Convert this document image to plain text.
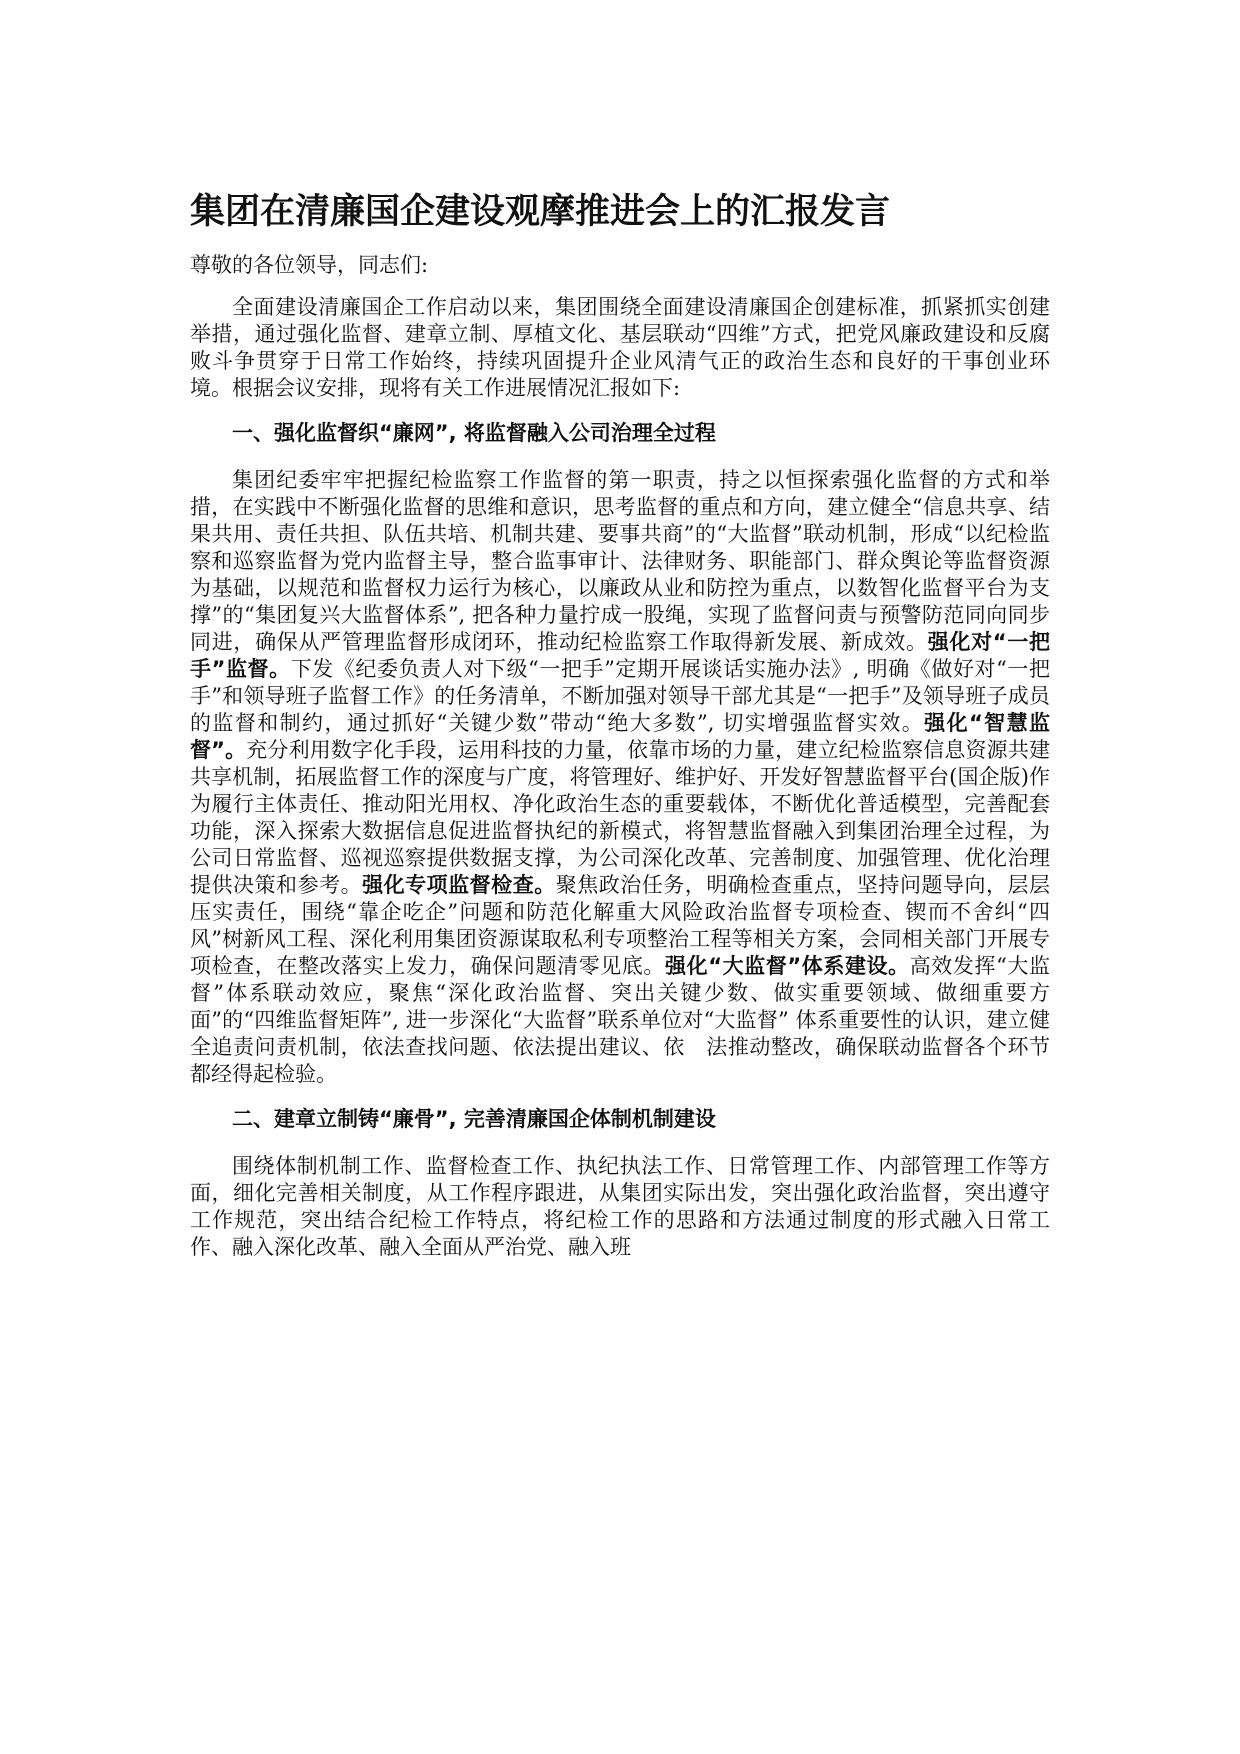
集团在清廉国企建设观摩推进会上的汇报发言
尊敬的各位领导，同志们:

全面建设清廉国企工作启动以来，集团围绕全面建设清廉国企创建标准，抓紧抓实创建举措，通过强化监督、建章立制、厚植文化、基层联动“四维”方式，把党风廉政建设和反腐败斗争贯穿于日常工作始终，持续巩固提升企业风清气正的政治生态和良好的干事创业环境。根据会议安排，现将有关工作进展情况汇报如下:

一、强化监督织“廉网”, 将监督融入公司治理全过程

集团纪委牢牢把握纪检监察工作监督的第一职责，持之以恒探索强化监督的方式和举措，在实践中不断强化监督的思维和意识，思考监督的重点和方向，建立健全“信息共享、结果共用、责任共担、队伍共培、机制共建、要事共商”的“大监督”联动机制，形成“以纪检监察和巡察监督为党内监督主导，整合监事审计、法律财务、职能部门、群众舆论等监督资源为基础，以规范和监督权力运行为核心，以廉政从业和防控为重点，以数智化监督平台为支撑”的“集团复兴大监督体系”, 把各种力量拧成一股绳，实现了监督问责与预警防范同向同步同进，确保从严管理监督形成闭环，推动纪检监察工作取得新发展、新成效。强化对“一把手”监督。下发《纪委负责人对下级“一把手”定期开展谈话实施办法》, 明确《做好对“一把手”和领导班子监督工作》的任务清单，不断加强对领导干部尤其是“一把手”及领导班子成员的监督和制约，通过抓好“关键少数”带动“绝大多数”, 切实增强监督实效。强化“智慧监督”。充分利用数字化手段，运用科技的力量，依靠市场的力量，建立纪检监察信息资源共建共享机制，拓展监督工作的深度与广度，将管理好、维护好、开发好智慧监督平台(国企版)作为履行主体责任、推动阳光用权、净化政治生态的重要载体，不断优化普适模型，完善配套功能，深入探索大数据信息促进监督执纪的新模式，将智慧监督融入到集团治理全过程，为公司日常监督、巡视巡察提供数据支撑，为公司深化改革、完善制度、加强管理、优化治理提供决策和参考。强化专项监督检查。聚焦政治任务，明确检查重点，坚持问题导向，层层压实责任，围绕“靠企吃企”问题和防范化解重大风险政治监督专项检查、锲而不舍纠“四风”树新风工程、深化利用集团资源谋取私利专项整治工程等相关方案，会同相关部门开展专项检查，在整改落实上发力，确保问题清零见底。强化“大监督”体系建设。高效发挥“大监督”体系联动效应，聚焦“深化政治监督、突出关键少数、做实重要领域、做细重要方面”的“四维监督矩阵”, 进一步深化“大监督”联系单位对“大监督” 体系重要性的认识，建立健全追责问责机制，依法查找问题、依法提出建议、依　法推动整改，确保联动监督各个环节都经得起检验。

二、建章立制铸“廉骨”, 完善清廉国企体制机制建设

围绕体制机制工作、监督检查工作、执纪执法工作、日常管理工作、内部管理工作等方面，细化完善相关制度，从工作程序跟进，从集团实际出发，突出强化政治监督，突出遵守工作规范，突出结合纪检工作特点，将纪检工作的思路和方法通过制度的形式融入日常工作、融入深化改革、融入全面从严治党、融入班
